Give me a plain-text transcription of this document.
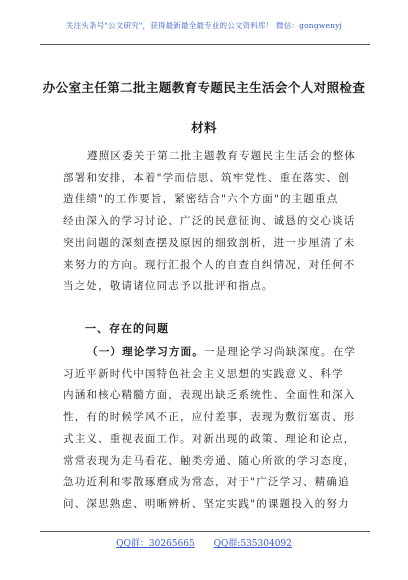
关注头条号"公文研究"，获得最新最全最专业的公文资料库！ 微信：gongwenyj
办公室主任第二批主题教育专题民主生活会个人对照检查
材料
遵照区委关于第二批主题教育专题民主生活会的整体
部署和安排，本着"学而信思、筑牢党性、重在落实、创
造佳绩"的工作要旨，紧密结合"六个方面"的主题重点
经由深入的学习讨论、广泛的民意征询、诚恳的交心谈话
突出问题的深刻查摆及原因的细致剖析，进一步厘清了未
来努力的方向。现行汇报个人的自查自纠情况，对任何不
当之处，敬请诸位同志予以批评和指点。
一、存在的问题
（一）理论学习方面。一是理论学习尚缺深度。在学
习近平新时代中国特色社会主义思想的实践意义、科学
内涵和核心精髓方面，表现出缺乏系统性、全面性和深入
性，有的时候学风不正，应付差事，表现为敷衍塞责、形
式主义、重视表面工作。对新出现的政策、理论和论点，
常常表现为走马看花、触类旁通、随心所欲的学习态度，
急功近利和零散琢磨成为常态，对于"广泛学习、精确追
问、深思熟虑、明晰辨析、坚定实践"的课题投入的努力
QQ群：30265665 QQ群:535304092
